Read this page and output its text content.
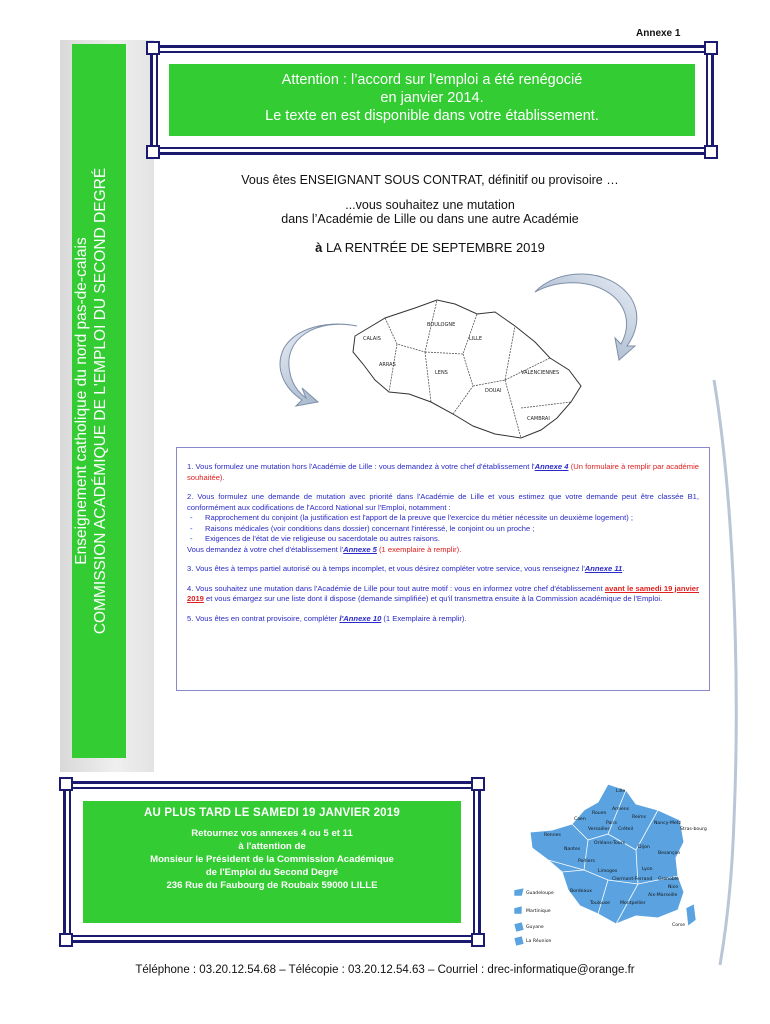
Annexe 1
Enseignement catholique du nord pas-de-calais COMMISSION ACADÉMIQUE DE L'EMPLOI DU SECOND DEGRÉ
Attention : l’accord sur l’emploi a été renégocié
en janvier 2014.
Le texte en est disponible dans votre établissement.
Vous êtes ENSEIGNANT SOUS CONTRAT, définitif ou provisoire …
...vous souhaitez une mutation
dans l’Académie de Lille ou dans une autre Académie
à LA RENTRÉE DE SEPTEMBRE 2019
CALAIS
BOULOGNE
LILLE
ARRAS
LENS
DOUAI
VALENCIENNES
CAMBRAI

1. Vous formulez une mutation hors l'Académie de Lille : vous demandez à votre chef d'établissement l'Annexe 4 (Un formulaire à remplir par académie souhaitée).

2. Vous formulez une demande de mutation avec priorité dans l'Académie de Lille et vous estimez que votre demande peut être classée B1, conformément aux codifications de l'Accord National sur l'Emploi, notamment :

- Rapprochement du conjoint (la justification est l'apport de la preuve que l'exercice du métier nécessite un deuxième logement) ;
- Raisons médicales (voir conditions dans dossier) concernant l'intéressé, le conjoint ou un proche ;
- Exigences de l'état de vie religieuse ou sacerdotale ou autres raisons.

Vous demandez à votre chef d'établissement l'Annexe 5 (1 exemplaire à remplir).

3. Vous êtes à temps partiel autorisé ou à temps incomplet, et vous désirez compléter votre service, vous renseignez l'Annexe 11.

4. Vous souhaitez une mutation dans l'Académie de Lille pour tout autre motif : vous en informez votre chef d'établissement avant le samedi 19 janvier 2019 et vous émargez sur une liste dont il dispose (demande simplifiée) et qu'il transmettra ensuite à la Commission académique de l'Emploi.

5. Vous êtes en contrat provisoire, compléter l'Annexe 10 (1 Exemplaire à remplir).

AU PLUS TARD LE SAMEDI 19 JANVIER 2019
Retournez vos annexes 4 ou 5 et 11
à l'attention de
Monsieur le Président de la Commission Académique
de l'Emploi du Second Degré
236 Rue du Faubourg de Roubaix 59000 LILLE
Lille
Amiens
Rouen
Reims
Caen
Paris
Créteil
Versailles
Nancy-Metz
Stras-bourg
Rennes
Orléans-Tours
Dijon
Besançon
Nantes
Poitiers
Limoges
Clermont-Ferrand
Lyon
Grenoble
Bordeaux
Toulouse Montpellier
Aix-Marseille
Nice
Corse
Guadeloupe
Martinique
Guyane
La Réunion
Téléphone : 03.20.12.54.68 – Télécopie : 03.20.12.54.63 – Courriel : drec-informatique@orange.fr
